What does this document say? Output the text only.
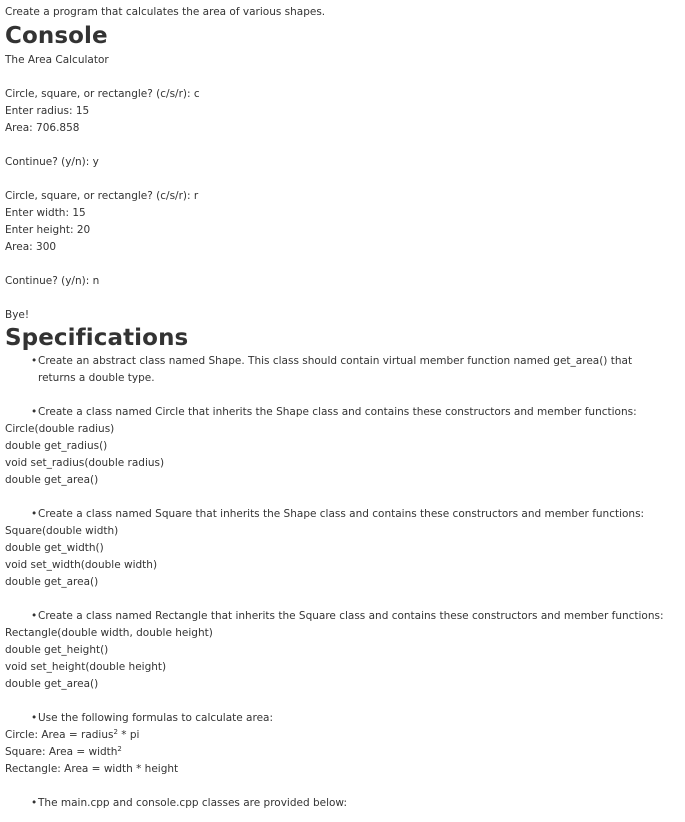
Create a program that calculates the area of various shapes.
Console
The Area Calculator
Circle, square, or rectangle? (c/s/r): c
Enter radius: 15
Area: 706.858
Continue? (y/n): y
Circle, square, or rectangle? (c/s/r): r
Enter width: 15
Enter height: 20
Area: 300
Continue? (y/n): n
Bye!
Specifications
• Create an abstract class named Shape. This class should contain virtual member function named get_area() that returns a double type.
• Create a class named Circle that inherits the Shape class and contains these constructors and member functions:
Circle(double radius)
double get_radius()
void set_radius(double radius)
double get_area()
• Create a class named Square that inherits the Shape class and contains these constructors and member functions:
Square(double width)
double get_width()
void set_width(double width)
double get_area()
• Create a class named Rectangle that inherits the Square class and contains these constructors and member functions:
Rectangle(double width, double height)
double get_height()
void set_height(double height)
double get_area()
• Use the following formulas to calculate area:
Circle: Area = radius$^2$ * pi
Square: Area = width$^2$
Rectangle: Area = width * height
• The main.cpp and console.cpp classes are provided below:
